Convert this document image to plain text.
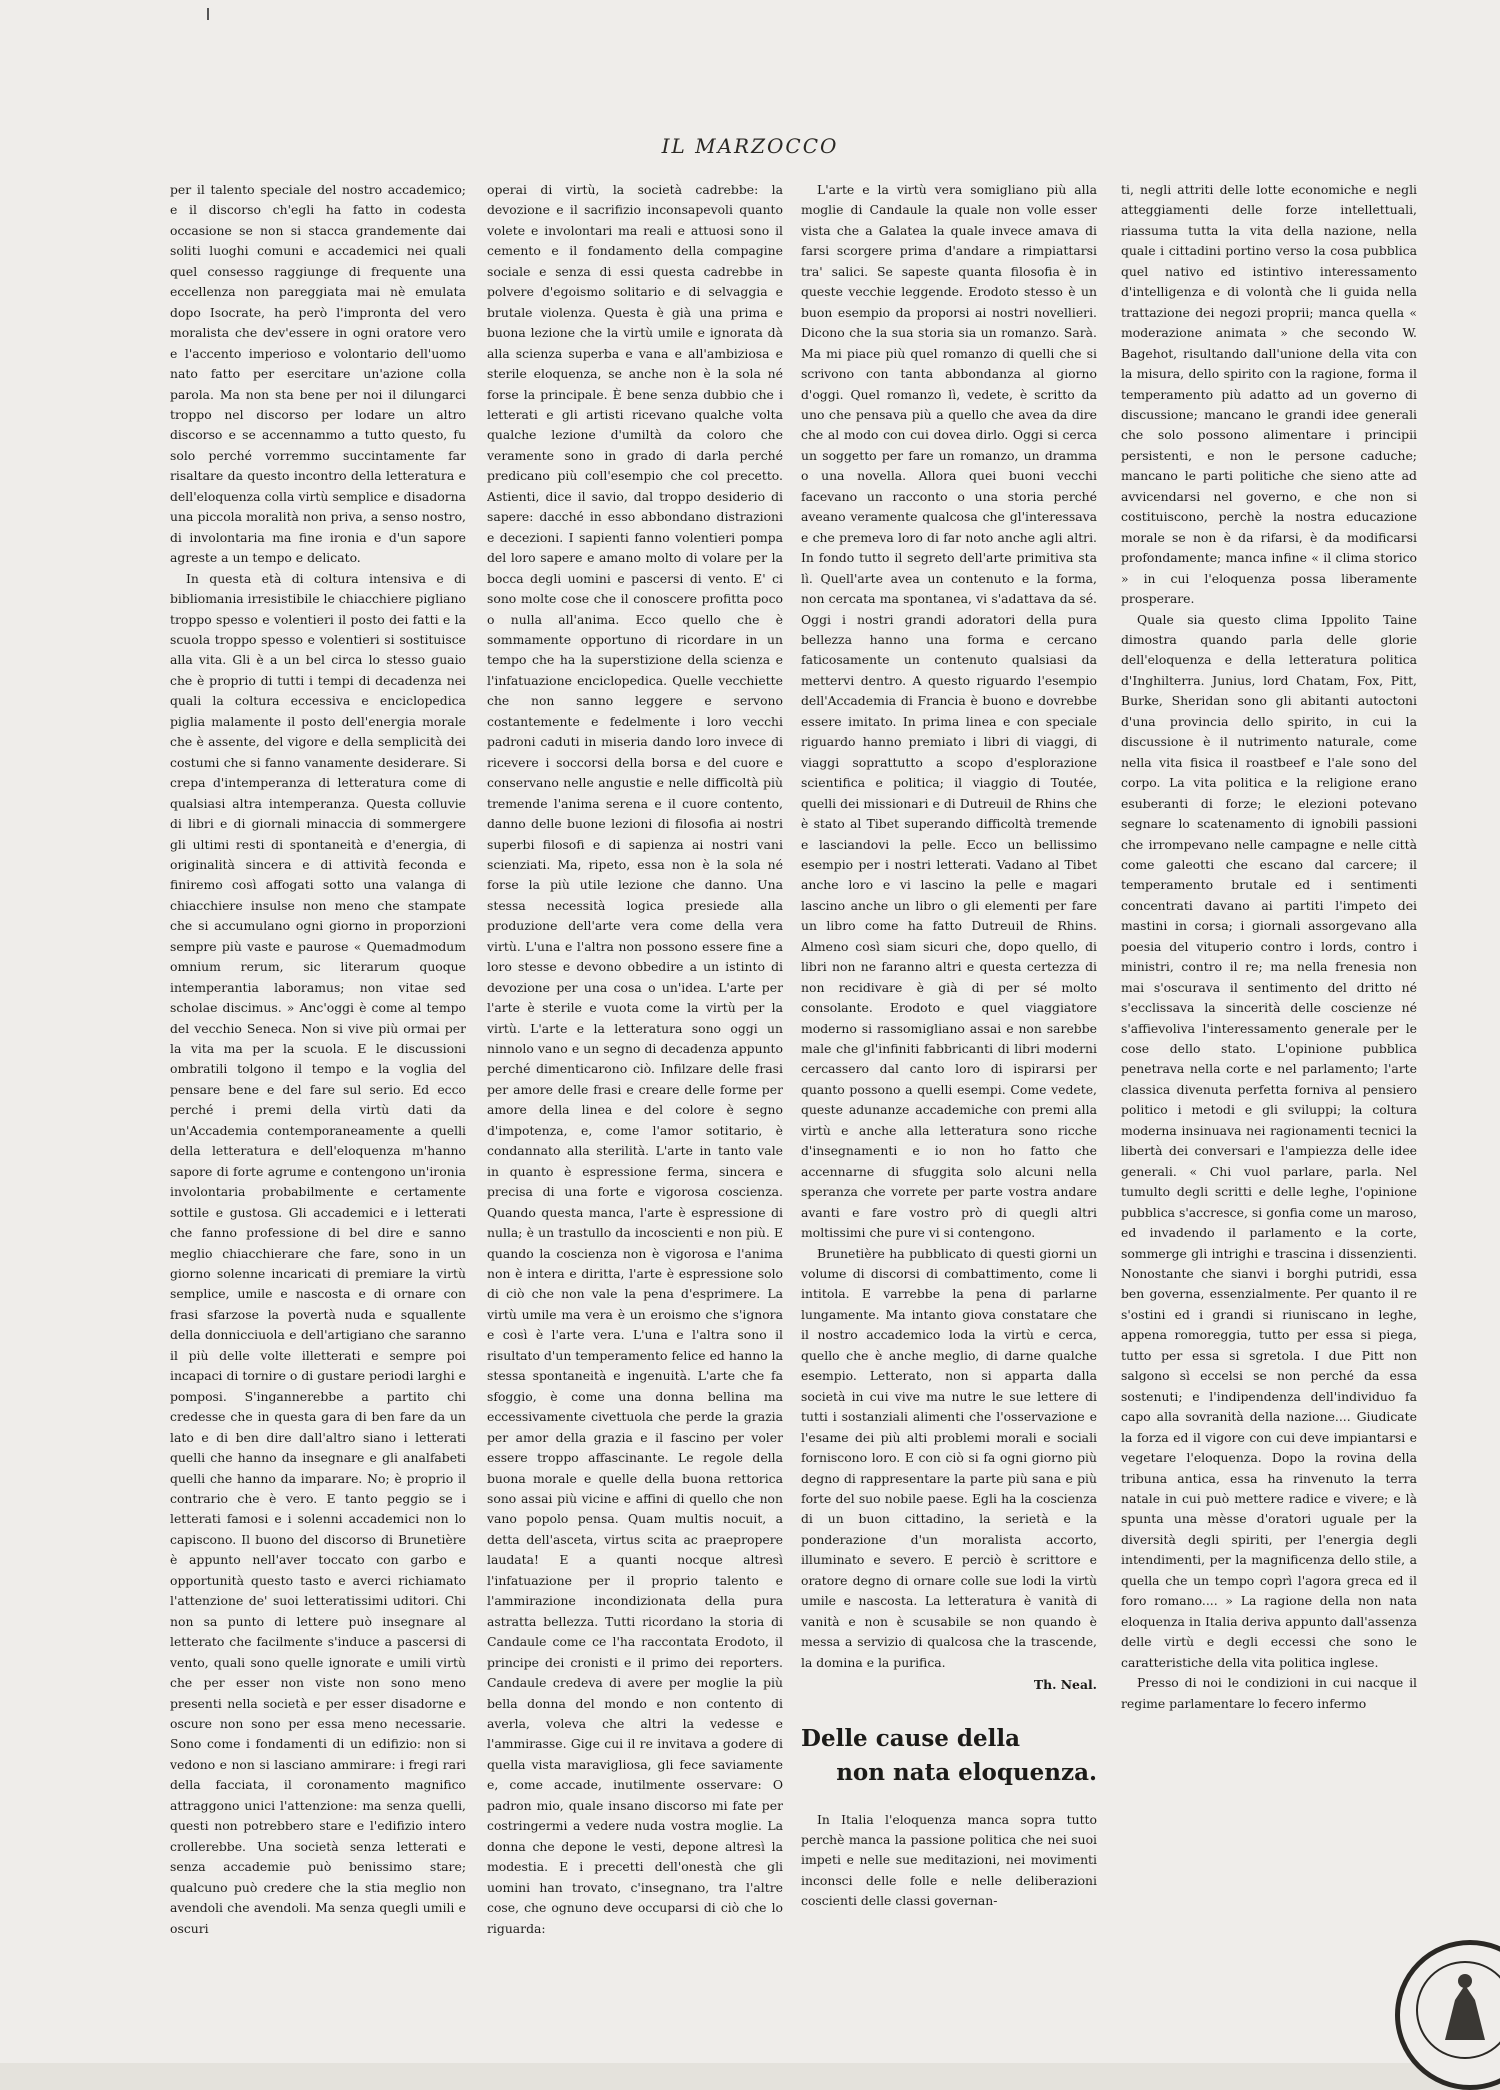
IL MARZOCCO

per il talento speciale del nostro accademico; e il discorso ch'egli ha fatto in codesta occasione se non si stacca grandemente dai soliti luoghi comuni e accademici nei quali quel consesso raggiunge di frequente una eccellenza non pareggiata mai nè emulata dopo Isocrate, ha però l'impronta del vero moralista che dev'essere in ogni oratore vero e l'accento imperioso e volontario dell'uomo nato fatto per esercitare un'azione colla parola. Ma non sta bene per noi il dilungarci troppo nel discorso per lodare un altro discorso e se accennammo a tutto questo, fu solo perché vorremmo succintamente far risaltare da questo incontro della letteratura e dell'eloquenza colla virtù semplice e disadorna una piccola moralità non priva, a senso nostro, di involontaria ma fine ironia e d'un sapore agreste a un tempo e delicato.

In questa età di coltura intensiva e di bibliomania irresistibile le chiacchiere pigliano troppo spesso e volentieri il posto dei fatti e la scuola troppo spesso e volentieri si sostituisce alla vita. Gli è a un bel circa lo stesso guaio che è proprio di tutti i tempi di decadenza nei quali la coltura eccessiva e enciclopedica piglia malamente il posto dell'energia morale che è assente, del vigore e della semplicità dei costumi che si fanno vanamente desiderare. Si crepa d'intemperanza di letteratura come di qualsiasi altra intemperanza. Questa colluvie di libri e di giornali minaccia di sommergere gli ultimi resti di spontaneità e d'energia, di originalità sincera e di attività feconda e finiremo così affogati sotto una valanga di chiacchiere insulse non meno che stampate che si accumulano ogni giorno in proporzioni sempre più vaste e paurose « Quemadmodum omnium rerum, sic literarum quoque intemperantia laboramus; non vitae sed scholae discimus. » Anc'oggi è come al tempo del vecchio Seneca. Non si vive più ormai per la vita ma per la scuola. E le discussioni ombratili tolgono il tempo e la voglia del pensare bene e del fare sul serio. Ed ecco perché i premi della virtù dati da un'Accademia contemporaneamente a quelli della letteratura e dell'eloquenza m'hanno sapore di forte agrume e contengono un'ironia involontaria probabilmente e certamente sottile e gustosa. Gli accademici e i letterati che fanno professione di bel dire e sanno meglio chiacchierare che fare, sono in un giorno solenne incaricati di premiare la virtù semplice, umile e nascosta e di ornare con frasi sfarzose la povertà nuda e squallente della donnicciuola e dell'artigiano che saranno il più delle volte illetterati e sempre poi incapaci di tornire o di gustare periodi larghi e pomposi. S'ingannerebbe a partito chi credesse che in questa gara di ben fare da un lato e di ben dire dall'altro siano i letterati quelli che hanno da insegnare e gli analfabeti quelli che hanno da imparare. No; è proprio il contrario che è vero. E tanto peggio se i letterati famosi e i solenni accademici non lo capiscono. Il buono del discorso di Brunetière è appunto nell'aver toccato con garbo e opportunità questo tasto e averci richiamato l'attenzione de' suoi letteratissimi uditori. Chi non sa punto di lettere può insegnare al letterato che facilmente s'induce a pascersi di vento, quali sono quelle ignorate e umili virtù che per esser non viste non sono meno presenti nella società e per esser disadorne e oscure non sono per essa meno necessarie. Sono come i fondamenti di un edifizio: non si vedono e non si lasciano ammirare: i fregi rari della facciata, il coronamento magnifico attraggono unici l'attenzione: ma senza quelli, questi non potrebbero stare e l'edifizio intero crollerebbe. Una società senza letterati e senza accademie può benissimo stare; qualcuno può credere che la stia meglio non avendoli che avendoli. Ma senza quegli umili e oscuri

operai di virtù, la società cadrebbe: la devozione e il sacrifizio inconsapevoli quanto volete e involontari ma reali e attuosi sono il cemento e il fondamento della compagine sociale e senza di essi questa cadrebbe in polvere d'egoismo solitario e di selvaggia e brutale violenza. Questa è già una prima e buona lezione che la virtù umile e ignorata dà alla scienza superba e vana e all'ambiziosa e sterile eloquenza, se anche non è la sola né forse la principale. È bene senza dubbio che i letterati e gli artisti ricevano qualche volta qualche lezione d'umiltà da coloro che veramente sono in grado di darla perché predicano più coll'esempio che col precetto. Astienti, dice il savio, dal troppo desiderio di sapere: dacché in esso abbondano distrazioni e decezioni. I sapienti fanno volentieri pompa del loro sapere e amano molto di volare per la bocca degli uomini e pascersi di vento. E' ci sono molte cose che il conoscere profitta poco o nulla all'anima. Ecco quello che è sommamente opportuno di ricordare in un tempo che ha la superstizione della scienza e l'infatuazione enciclopedica. Quelle vecchiette che non sanno leggere e servono costantemente e fedelmente i loro vecchi padroni caduti in miseria dando loro invece di ricevere i soccorsi della borsa e del cuore e conservano nelle angustie e nelle difficoltà più tremende l'anima serena e il cuore contento, danno delle buone lezioni di filosofia ai nostri superbi filosofi e di sapienza ai nostri vani scienziati. Ma, ripeto, essa non è la sola né forse la più utile lezione che danno. Una stessa necessità logica presiede alla produzione dell'arte vera come della vera virtù. L'una e l'altra non possono essere fine a loro stesse e devono obbedire a un istinto di devozione per una cosa o un'idea. L'arte per l'arte è sterile e vuota come la virtù per la virtù. L'arte e la letteratura sono oggi un ninnolo vano e un segno di decadenza appunto perché dimenticarono ciò. Infilzare delle frasi per amore delle frasi e creare delle forme per amore della linea e del colore è segno d'impotenza, e, come l'amor sotitario, è condannato alla sterilità. L'arte in tanto vale in quanto è espressione ferma, sincera e precisa di una forte e vigorosa coscienza. Quando questa manca, l'arte è espressione di nulla; è un trastullo da incoscienti e non più. E quando la coscienza non è vigorosa e l'anima non è intera e diritta, l'arte è espressione solo di ciò che non vale la pena d'esprimere. La virtù umile ma vera è un eroismo che s'ignora e così è l'arte vera. L'una e l'altra sono il risultato d'un temperamento felice ed hanno la stessa spontaneità e ingenuità. L'arte che fa sfoggio, è come una donna bellina ma eccessivamente civettuola che perde la grazia per amor della grazia e il fascino per voler essere troppo affascinante. Le regole della buona morale e quelle della buona rettorica sono assai più vicine e affini di quello che non vano popolo pensa. Quam multis nocuit, a detta dell'asceta, virtus scita ac praepropere laudata! E a quanti nocque altresì l'infatuazione per il proprio talento e l'ammirazione incondizionata della pura astratta bellezza. Tutti ricordano la storia di Candaule come ce l'ha raccontata Erodoto, il principe dei cronisti e il primo dei reporters. Candaule credeva di avere per moglie la più bella donna del mondo e non contento di averla, voleva che altri la vedesse e l'ammirasse. Gige cui il re invitava a godere di quella vista maravigliosa, gli fece saviamente e, come accade, inutilmente osservare: O padron mio, quale insano discorso mi fate per costringermi a vedere nuda vostra moglie. La donna che depone le vesti, depone altresì la modestia. E i precetti dell'onestà che gli uomini han trovato, c'insegnano, tra l'altre cose, che ognuno deve occuparsi di ciò che lo riguarda:

L'arte e la virtù vera somigliano più alla moglie di Candaule la quale non volle esser vista che a Galatea la quale invece amava di farsi scorgere prima d'andare a rimpiattarsi tra' salici. Se sapeste quanta filosofia è in queste vecchie leggende. Erodoto stesso è un buon esempio da proporsi ai nostri novellieri. Dicono che la sua storia sia un romanzo. Sarà. Ma mi piace più quel romanzo di quelli che si scrivono con tanta abbondanza al giorno d'oggi. Quel romanzo lì, vedete, è scritto da uno che pensava più a quello che avea da dire che al modo con cui dovea dirlo. Oggi si cerca un soggetto per fare un romanzo, un dramma o una novella. Allora quei buoni vecchi facevano un racconto o una storia perché aveano veramente qualcosa che gl'interessava e che premeva loro di far noto anche agli altri. In fondo tutto il segreto dell'arte primitiva sta lì. Quell'arte avea un contenuto e la forma, non cercata ma spontanea, vi s'adattava da sé. Oggi i nostri grandi adoratori della pura bellezza hanno una forma e cercano faticosamente un contenuto qualsiasi da mettervi dentro. A questo riguardo l'esempio dell'Accademia di Francia è buono e dovrebbe essere imitato. In prima linea e con speciale riguardo hanno premiato i libri di viaggi, di viaggi soprattutto a scopo d'esplorazione scientifica e politica; il viaggio di Toutée, quelli dei missionari e di Dutreuil de Rhins che è stato al Tibet superando difficoltà tremende e lasciandovi la pelle. Ecco un bellissimo esempio per i nostri letterati. Vadano al Tibet anche loro e vi lascino la pelle e magari lascino anche un libro o gli elementi per fare un libro come ha fatto Dutreuil de Rhins. Almeno così siam sicuri che, dopo quello, di libri non ne faranno altri e questa certezza di non recidivare è già di per sé molto consolante. Erodoto e quel viaggiatore moderno si rassomigliano assai e non sarebbe male che gl'infiniti fabbricanti di libri moderni cercassero dal canto loro di ispirarsi per quanto possono a quelli esempi. Come vedete, queste adunanze accademiche con premi alla virtù e anche alla letteratura sono ricche d'insegnamenti e io non ho fatto che accennarne di sfuggita solo alcuni nella speranza che vorrete per parte vostra andare avanti e fare vostro prò di quegli altri moltissimi che pure vi si contengono.

Brunetière ha pubblicato di questi giorni un volume di discorsi di combattimento, come li intitola. E varrebbe la pena di parlarne lungamente. Ma intanto giova constatare che il nostro accademico loda la virtù e cerca, quello che è anche meglio, di darne qualche esempio. Letterato, non si apparta dalla società in cui vive ma nutre le sue lettere di tutti i sostanziali alimenti che l'osservazione e l'esame dei più alti problemi morali e sociali forniscono loro. E con ciò si fa ogni giorno più degno di rappresentare la parte più sana e più forte del suo nobile paese. Egli ha la coscienza di un buon cittadino, la serietà e la ponderazione d'un moralista accorto, illuminato e severo. E perciò è scrittore e oratore degno di ornare colle sue lodi la virtù umile e nascosta. La letteratura è vanità di vanità e non è scusabile se non quando è messa a servizio di qualcosa che la trascende, la domina e la purifica.

Th. Neal.

Delle cause della
non nata eloquenza.

In Italia l'eloquenza manca sopra tutto perchè manca la passione politica che nei suoi impeti e nelle sue meditazioni, nei movimenti inconsci delle folle e nelle deliberazioni coscienti delle classi governan-

ti, negli attriti delle lotte economiche e negli atteggiamenti delle forze intellettuali, riassuma tutta la vita della nazione, nella quale i cittadini portino verso la cosa pubblica quel nativo ed istintivo interessamento d'intelligenza e di volontà che li guida nella trattazione dei negozi proprii; manca quella « moderazione animata » che secondo W. Bagehot, risultando dall'unione della vita con la misura, dello spirito con la ragione, forma il temperamento più adatto ad un governo di discussione; mancano le grandi idee generali che solo possono alimentare i principii persistenti, e non le persone caduche; mancano le parti politiche che sieno atte ad avvicendarsi nel governo, e che non si costituiscono, perchè la nostra educazione morale se non è da rifarsi, è da modificarsi profondamente; manca infine « il clima storico » in cui l'eloquenza possa liberamente prosperare.

Quale sia questo clima Ippolito Taine dimostra quando parla delle glorie dell'eloquenza e della letteratura politica d'Inghilterra. Junius, lord Chatam, Fox, Pitt, Burke, Sheridan sono gli abitanti autoctoni d'una provincia dello spirito, in cui la discussione è il nutrimento naturale, come nella vita fisica il roastbeef e l'ale sono del corpo. La vita politica e la religione erano esuberanti di forze; le elezioni potevano segnare lo scatenamento di ignobili passioni che irrompevano nelle campagne e nelle città come galeotti che escano dal carcere; il temperamento brutale ed i sentimenti concentrati davano ai partiti l'impeto dei mastini in corsa; i giornali assorgevano alla poesia del vituperio contro i lords, contro i ministri, contro il re; ma nella frenesia non mai s'oscurava il sentimento del dritto né s'ecclissava la sincerità delle coscienze né s'affievoliva l'interessamento generale per le cose dello stato. L'opinione pubblica penetrava nella corte e nel parlamento; l'arte classica divenuta perfetta forniva al pensiero politico i metodi e gli sviluppi; la coltura moderna insinuava nei ragionamenti tecnici la libertà dei conversari e l'ampiezza delle idee generali. « Chi vuol parlare, parla. Nel tumulto degli scritti e delle leghe, l'opinione pubblica s'accresce, si gonfia come un maroso, ed invadendo il parlamento e la corte, sommerge gli intrighi e trascina i dissenzienti. Nonostante che sianvi i borghi putridi, essa ben governa, essenzialmente. Per quanto il re s'ostini ed i grandi si riuniscano in leghe, appena romoreggia, tutto per essa si piega, tutto per essa si sgretola. I due Pitt non salgono sì eccelsi se non perché da essa sostenuti; e l'indipendenza dell'individuo fa capo alla sovranità della nazione.... Giudicate la forza ed il vigore con cui deve impiantarsi e vegetare l'eloquenza. Dopo la rovina della tribuna antica, essa ha rinvenuto la terra natale in cui può mettere radice e vivere; e là spunta una mèsse d'oratori uguale per la diversità degli spiriti, per l'energia degli intendimenti, per la magnificenza dello stile, a quella che un tempo coprì l'agora greca ed il foro romano.... » La ragione della non nata eloquenza in Italia deriva appunto dall'assenza delle virtù e degli eccessi che sono le caratteristiche della vita politica inglese.

Presso di noi le condizioni in cui nacque il regime parlamentare lo fecero infermo
